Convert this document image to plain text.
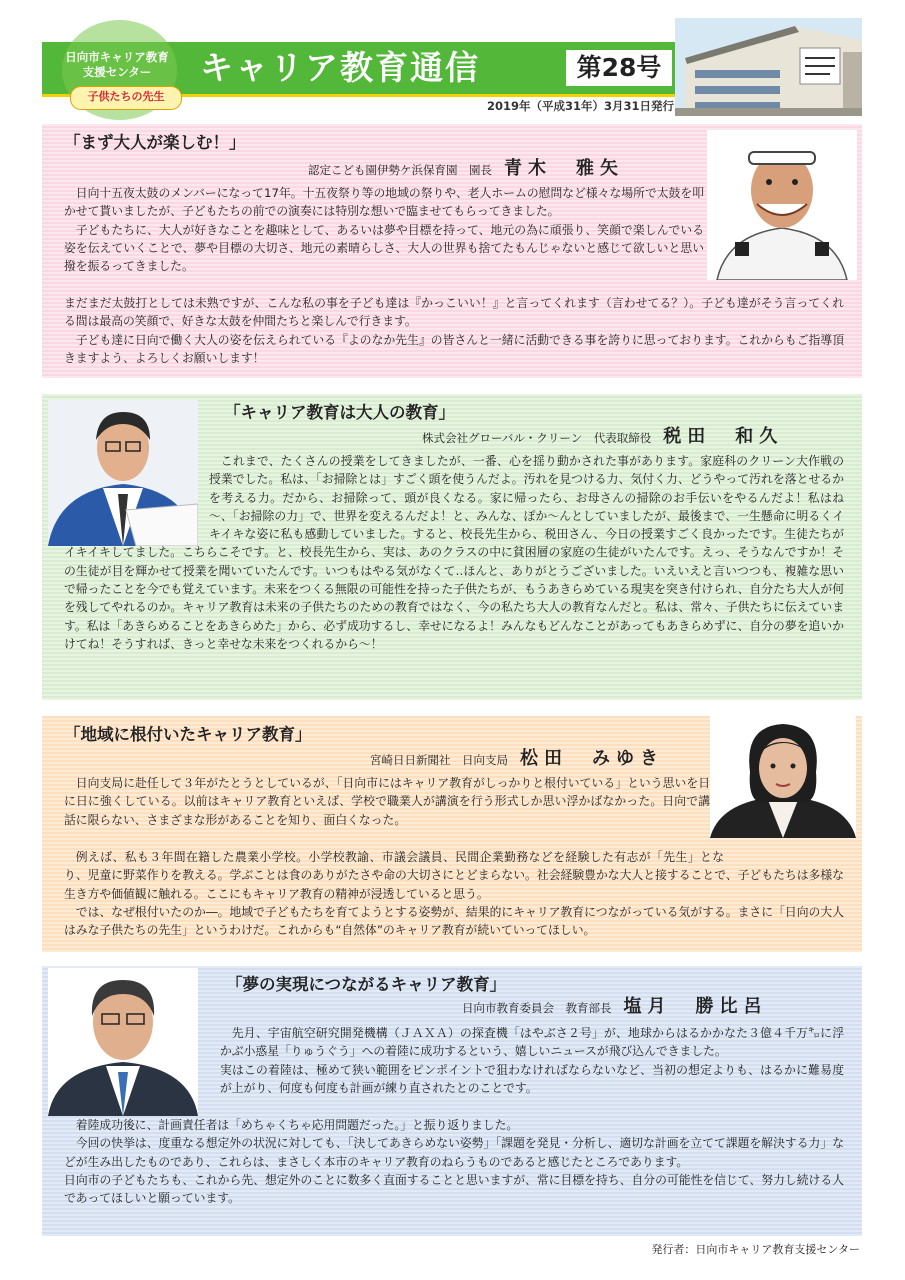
日向市キャリア教育
支援センター
子供たちの先生
キャリア教育通信	第28号
2019年（平成31年）3月31日発行
「まず大人が楽しむ！」
認定こども園伊勢ケ浜保育園　園長 青木　雅矢

日向十五夜太鼓のメンバーになって17年。十五夜祭り等の地域の祭りや、老人ホームの慰問など様々な場所で太鼓を叩かせて貰いましたが、子どもたちの前での演奏には特別な想いで臨ませてもらってきました。

子どもたちに、大人が好きなことを趣味として、あるいは夢や目標を持って、地元の為に頑張り、笑顔で楽しんでいる姿を伝えていくことで、夢や目標の大切さ、地元の素晴らしさ、大人の世界も捨てたもんじゃないと感じて欲しいと思い撥を振るってきました。

まだまだ太鼓打としては未熟ですが、こんな私の事を子ども達は『かっこいい！』と言ってくれます（言わせてる？）。子ども達がそう言ってくれる間は最高の笑顔で、好きな太鼓を仲間たちと楽しんで行きます。

子ども達に日向で働く大人の姿を伝えられている『よのなか先生』の皆さんと一緒に活動できる事を誇りに思っております。これからもご指導頂きますよう、よろしくお願いします！

「キャリア教育は大人の教育」
株式会社グローバル・クリーン　代表取締役 税田　和久

これまで、たくさんの授業をしてきましたが、一番、心を揺り動かされた事があります。家庭科のクリーン大作戦の授業でした。私は、「お掃除とは」すごく頭を使うんだよ。汚れを見つける力、気付く力、どうやって汚れを落とせるかを考える力。だから、お掃除って、頭が良くなる。家に帰ったら、お母さんの掃除のお手伝いをやるんだよ！私はね～、「お掃除の力」で、世界を変えるんだよ！と、みんな、ぽか～んとしていましたが、最後まで、一生懸命に明るくイキイキな姿に私も感動していました。すると、校長先生から、税田さん、今日の授業すごく良かったです。生徒たちがイキイキしてました。こちらこそです。と、校長先生から、実は、あのクラスの中に貧困層の家庭の生徒がいたんです。えっ、そうなんですか！その生徒が目を輝かせて授業を聞いていたんです。いつもはやる気がなくて‥ほんと、ありがとうございました。いえいえと言いつつも、複雑な思いで帰ったことを今でも覚えています。未来をつくる無限の可能性を持った子供たちが、もうあきらめている現実を突き付けられ、自分たち大人が何を残してやれるのか。キャリア教育は未来の子供たちのための教育ではなく、今の私たち大人の教育なんだと。私は、常々、子供たちに伝えています。私は「あきらめることをあきらめた」から、必ず成功するし、幸せになるよ！みんなもどんなことがあってもあきらめずに、自分の夢を追いかけてね！そうすれば、きっと幸せな未来をつくれるから～！

「地域に根付いたキャリア教育」
宮崎日日新聞社　日向支局 松田　みゆき

日向支局に赴任して３年がたとうとしているが、「日向市にはキャリア教育がしっかりと根付いている」という思いを日に日に強くしている。以前はキャリア教育といえば、学校で職業人が講演を行う形式しか思い浮かばなかった。日向で講話に限らない、さまざまな形があることを知り、面白くなった。

例えば、私も３年間在籍した農業小学校。小学校教諭、市議会議員、民間企業勤務などを経験した有志が「先生」となり、児童に野菜作りを教える。学ぶことは食のありがたさや命の大切さにとどまらない。社会経験豊かな大人と接することで、子どもたちは多様な生き方や価値観に触れる。ここにもキャリア教育の精神が浸透していると思う。

では、なぜ根付いたのか―。地域で子どもたちを育てようとする姿勢が、結果的にキャリア教育につながっている気がする。まさに「日向の大人はみな子供たちの先生」というわけだ。これからも“自然体”のキャリア教育が続いていってほしい。

「夢の実現につながるキャリア教育」
日向市教育委員会　教育部長 塩月　勝比呂

先月、宇宙航空研究開発機構（ＪＡＸＡ）の探査機「はやぶさ２号」が、地球からはるかかなた３億４千万㌔に浮かぶ小惑星「りゅうぐう」への着陸に成功するという、嬉しいニュースが飛び込んできました。

実はこの着陸は、極めて狭い範囲をピンポイントで狙わなければならないなど、当初の想定よりも、はるかに難易度が上がり、何度も何度も計画が練り直されたとのことです。

着陸成功後に、計画責任者は「めちゃくちゃ応用問題だった。」と振り返りました。

今回の快挙は、度重なる想定外の状況に対しても、「決してあきらめない姿勢」「課題を発見・分析し、適切な計画を立てて課題を解決する力」などが生み出したものであり、これらは、まさしく本市のキャリア教育のねらうものであると感じたところであります。

日向市の子どもたちも、これから先、想定外のことに数多く直面することと思いますが、常に目標を持ち、自分の可能性を信じて、努力し続ける人であってほしいと願っています。

発行者：日向市キャリア教育支援センター
